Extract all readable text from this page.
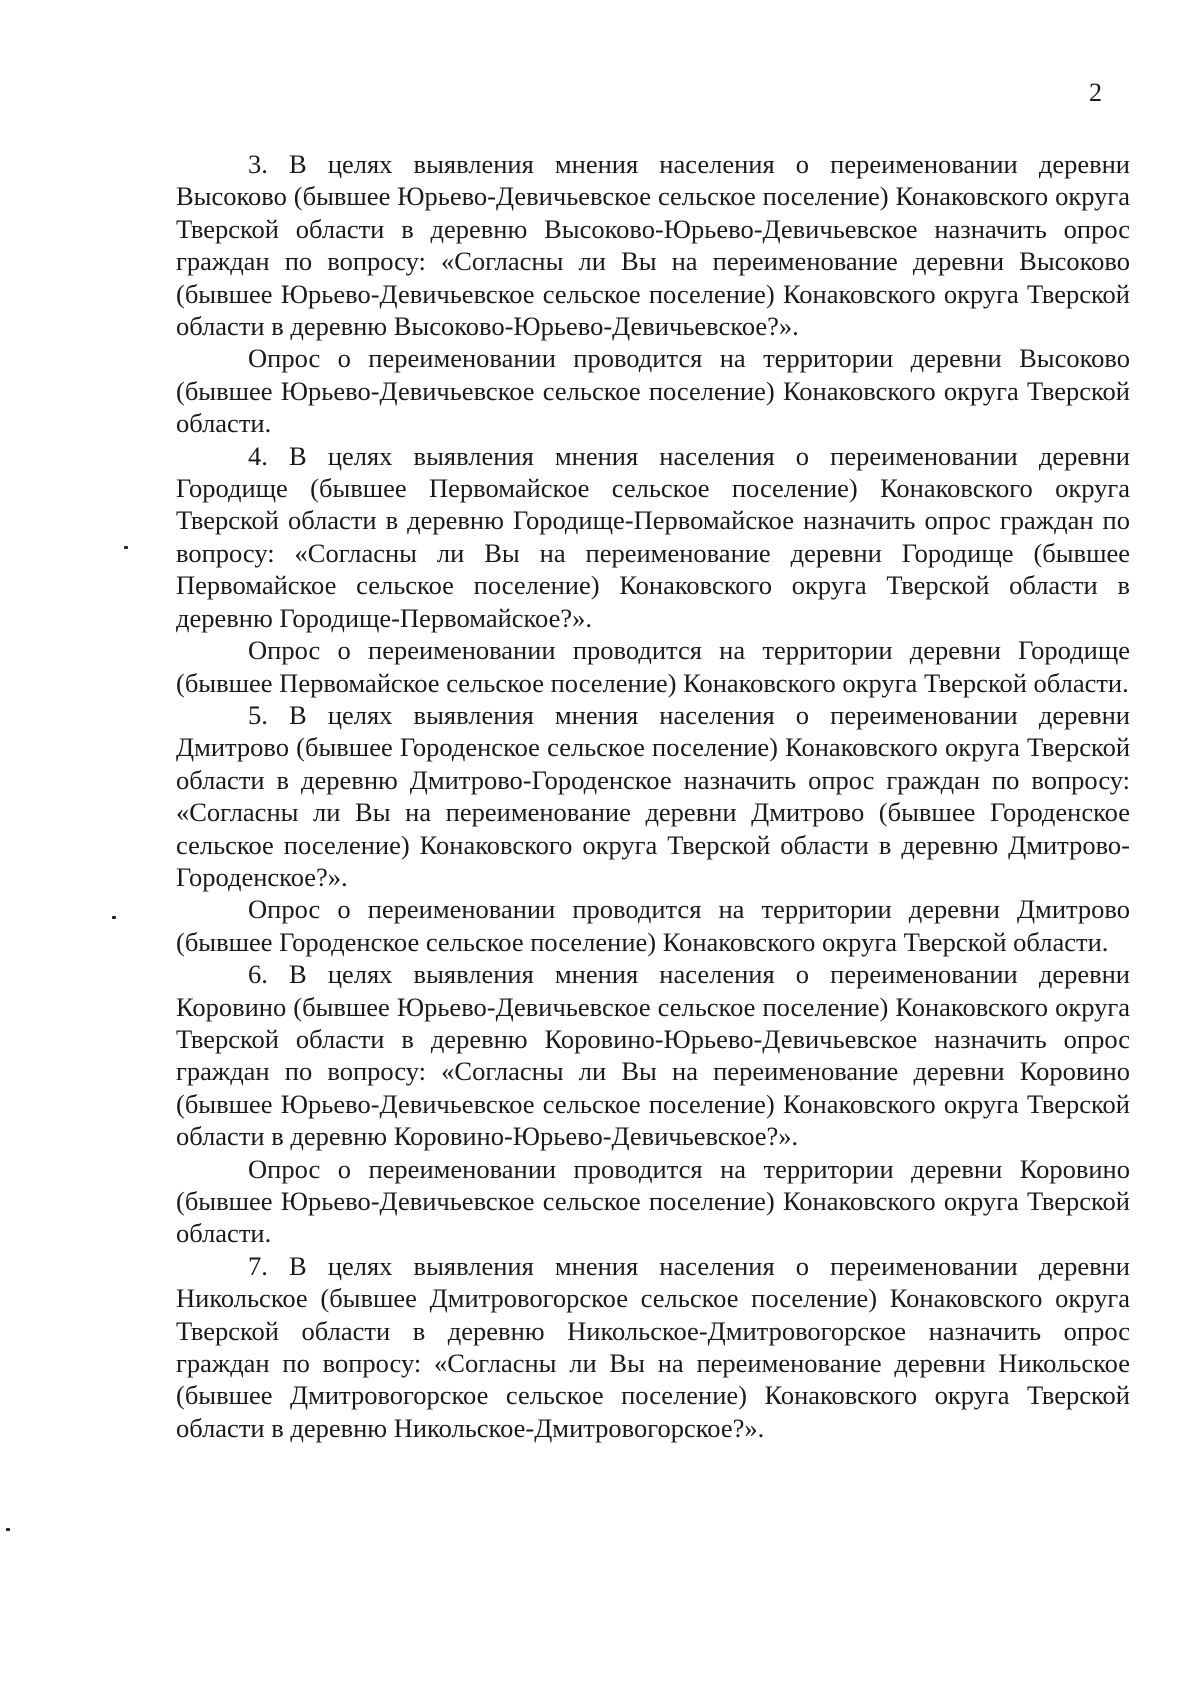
2

3. В целях выявления мнения населения о переименовании деревни Высоково (бывшее Юрьево-Девичьевское сельское поселение) Конаковского округа Тверской области в деревню Высоково-Юрьево-Девичьевское назначить опрос граждан по вопросу: «Согласны ли Вы на переименование деревни Высоково (бывшее Юрьево-Девичьевское сельское поселение) Конаковского округа Тверской области в деревню Высоково-Юрьево-Девичьевское?».

Опрос о переименовании проводится на территории деревни Высоково (бывшее Юрьево-Девичьевское сельское поселение) Конаковского округа Тверской области.

4. В целях выявления мнения населения о переименовании деревни Городище (бывшее Первомайское сельское поселение) Конаковского округа Тверской области в деревню Городище-Первомайское назначить опрос граждан по вопросу: «Согласны ли Вы на переименование деревни Городище (бывшее Первомайское сельское поселение) Конаковского округа Тверской области в деревню Городище-Первомайское?».

Опрос о переименовании проводится на территории деревни Городище (бывшее Первомайское сельское поселение) Конаковского округа Тверской области.

5. В целях выявления мнения населения о переименовании деревни Дмитрово (бывшее Городенское сельское поселение) Конаковского округа Тверской области в деревню Дмитрово-Городенское назначить опрос граждан по вопросу: «Согласны ли Вы на переименование деревни Дмитрово (бывшее Городенское сельское поселение) Конаковского округа Тверской области в деревню Дмитрово-Городенское?».

Опрос о переименовании проводится на территории деревни Дмитрово (бывшее Городенское сельское поселение) Конаковского округа Тверской области.

6. В целях выявления мнения населения о переименовании деревни Коровино (бывшее Юрьево-Девичьевское сельское поселение) Конаковского округа Тверской области в деревню Коровино-Юрьево-Девичьевское назначить опрос граждан по вопросу: «Согласны ли Вы на переименование деревни Коровино (бывшее Юрьево-Девичьевское сельское поселение) Конаковского округа Тверской области в деревню Коровино-Юрьево-Девичьевское?».

Опрос о переименовании проводится на территории деревни Коровино (бывшее Юрьево-Девичьевское сельское поселение) Конаковского округа Тверской области.

7. В целях выявления мнения населения о переименовании деревни Никольское (бывшее Дмитровогорское сельское поселение) Конаковского округа Тверской области в деревню Никольское-Дмитровогорское назначить опрос граждан по вопросу: «Согласны ли Вы на переименование деревни Никольское (бывшее Дмитровогорское сельское поселение) Конаковского округа Тверской области в деревню Никольское-Дмитровогорское?».
